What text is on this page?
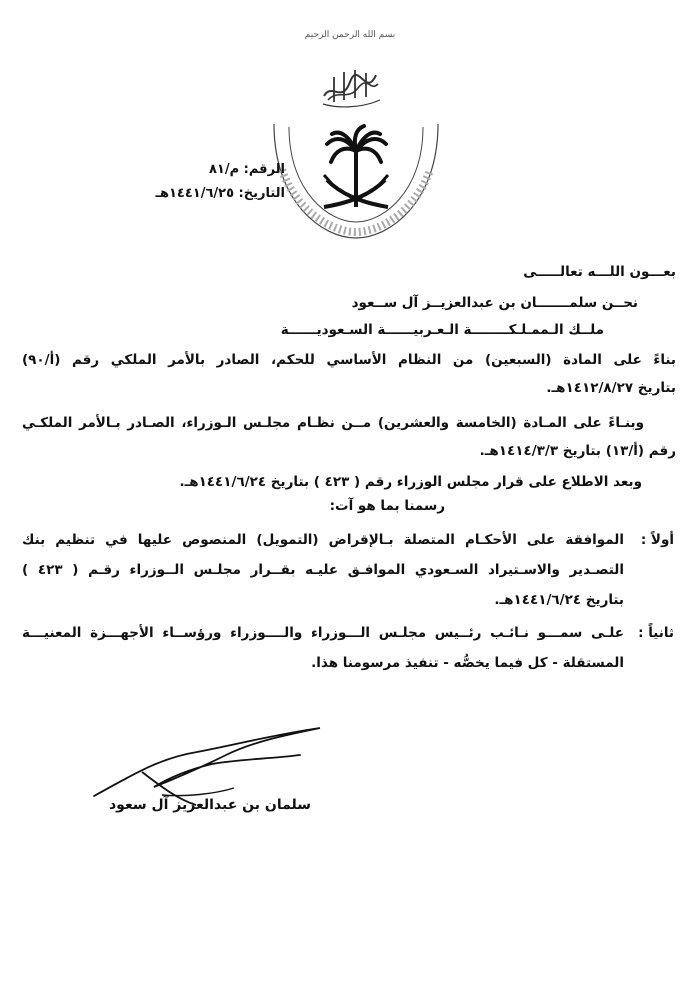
بسم الله الرحمن الرحيم
الرقم: م/٨١
التاريخ: ١٤٤١/٦/٢٥هـ
بعـــون اللـــه تعالـــــى
نحــن سلمـــــــان بن عبدالعزيــز آل ســعود
ملــك الـممـلـكــــــــة الـعـربيــــــة السـعوديــــــة
بناءً على المادة (السبعين) من النظام الأساسي للحكم، الصادر بالأمر الملكي رقم (أ/٩٠)
بتاريخ ١٤١٢/٨/٢٧هـ.
وبنـاءً على المـادة (الخامسة والعشرين) مــن نظـام مجلـس الـوزراء، الصـادر بـالأمر الملكـي
رقم (أ/١٣) بتاريخ ١٤١٤/٣/٣هـ.
وبعد الاطلاع على قرار مجلس الوزراء رقم ( ٤٢٣ ) بتاريخ ١٤٤١/٦/٢٤هـ.
رسمنا بما هو آت:
أولاً :
الموافقة على الأحكـام المتصلة بـالإقراض (التمويل) المنصوص عليها في تنظيم بنك
التصـدير والاسـتيراد السـعودي الموافـق عليـه بقــرار مجلـس الــوزراء رقـم ( ٤٢٣ )
بتاريخ ١٤٤١/٦/٢٤هـ.
ثانياً :
علـى سمـــو نـائـب رئــيس مجلـس الـــوزراء والــــوزراء ورؤســاء الأجهـــزة المعنيـــة
المستقلة - كل فيما يخصُّه - تنفيذ مرسومنا هذا.
سلمان بن عبدالعزيز آل سعود
